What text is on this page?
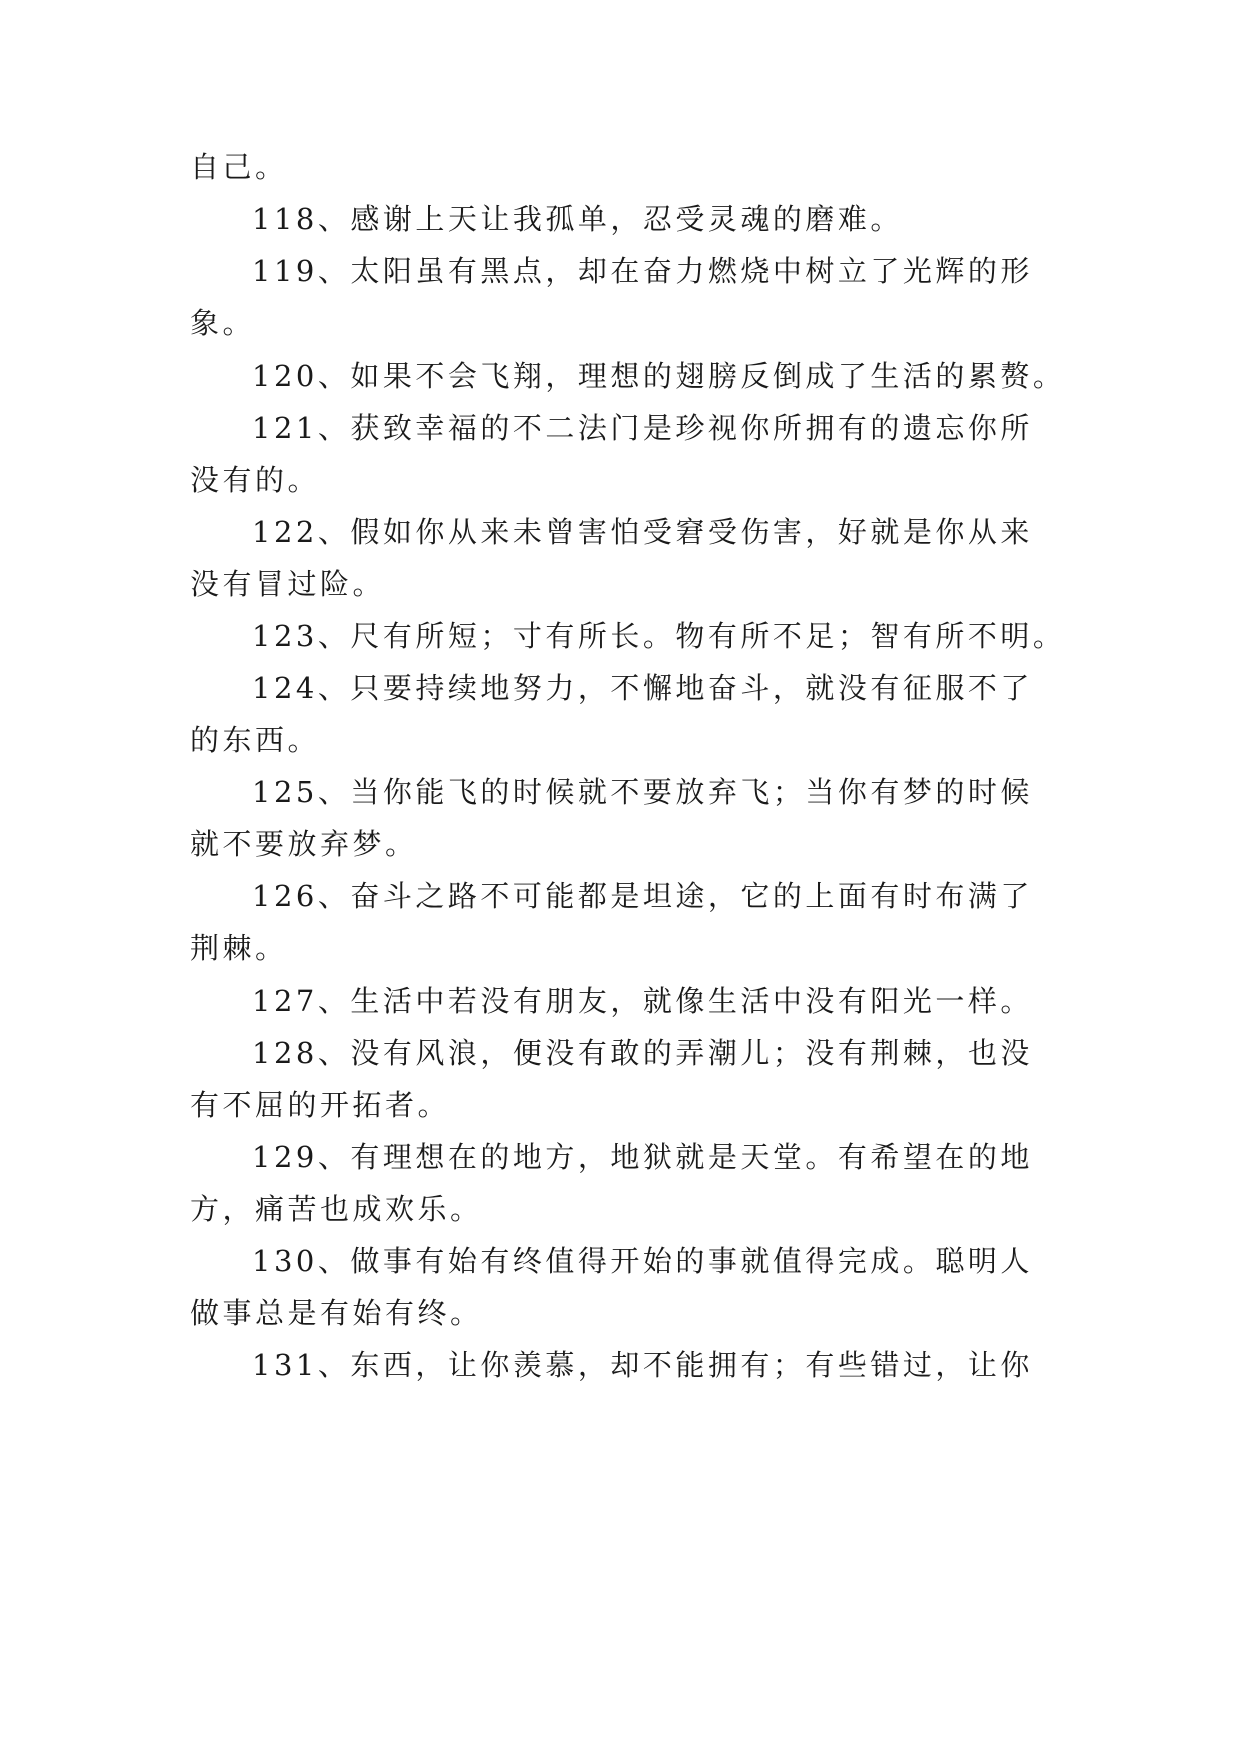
自己。
118、感谢上天让我孤单，忍受灵魂的磨难。
119、太阳虽有黑点，却在奋力燃烧中树立了光辉的形
象。
120、如果不会飞翔，理想的翅膀反倒成了生活的累赘。
121、获致幸福的不二法门是珍视你所拥有的遗忘你所
没有的。
122、假如你从来未曾害怕受窘受伤害，好就是你从来
没有冒过险。
123、尺有所短；寸有所长。物有所不足；智有所不明。
124、只要持续地努力，不懈地奋斗，就没有征服不了
的东西。
125、当你能飞的时候就不要放弃飞；当你有梦的时候
就不要放弃梦。
126、奋斗之路不可能都是坦途，它的上面有时布满了
荆棘。
127、生活中若没有朋友，就像生活中没有阳光一样。
128、没有风浪，便没有敢的弄潮儿；没有荆棘，也没
有不屈的开拓者。
129、有理想在的地方，地狱就是天堂。有希望在的地
方，痛苦也成欢乐。
130、做事有始有终值得开始的事就值得完成。聪明人
做事总是有始有终。
131、东西，让你羡慕，却不能拥有；有些错过，让你
